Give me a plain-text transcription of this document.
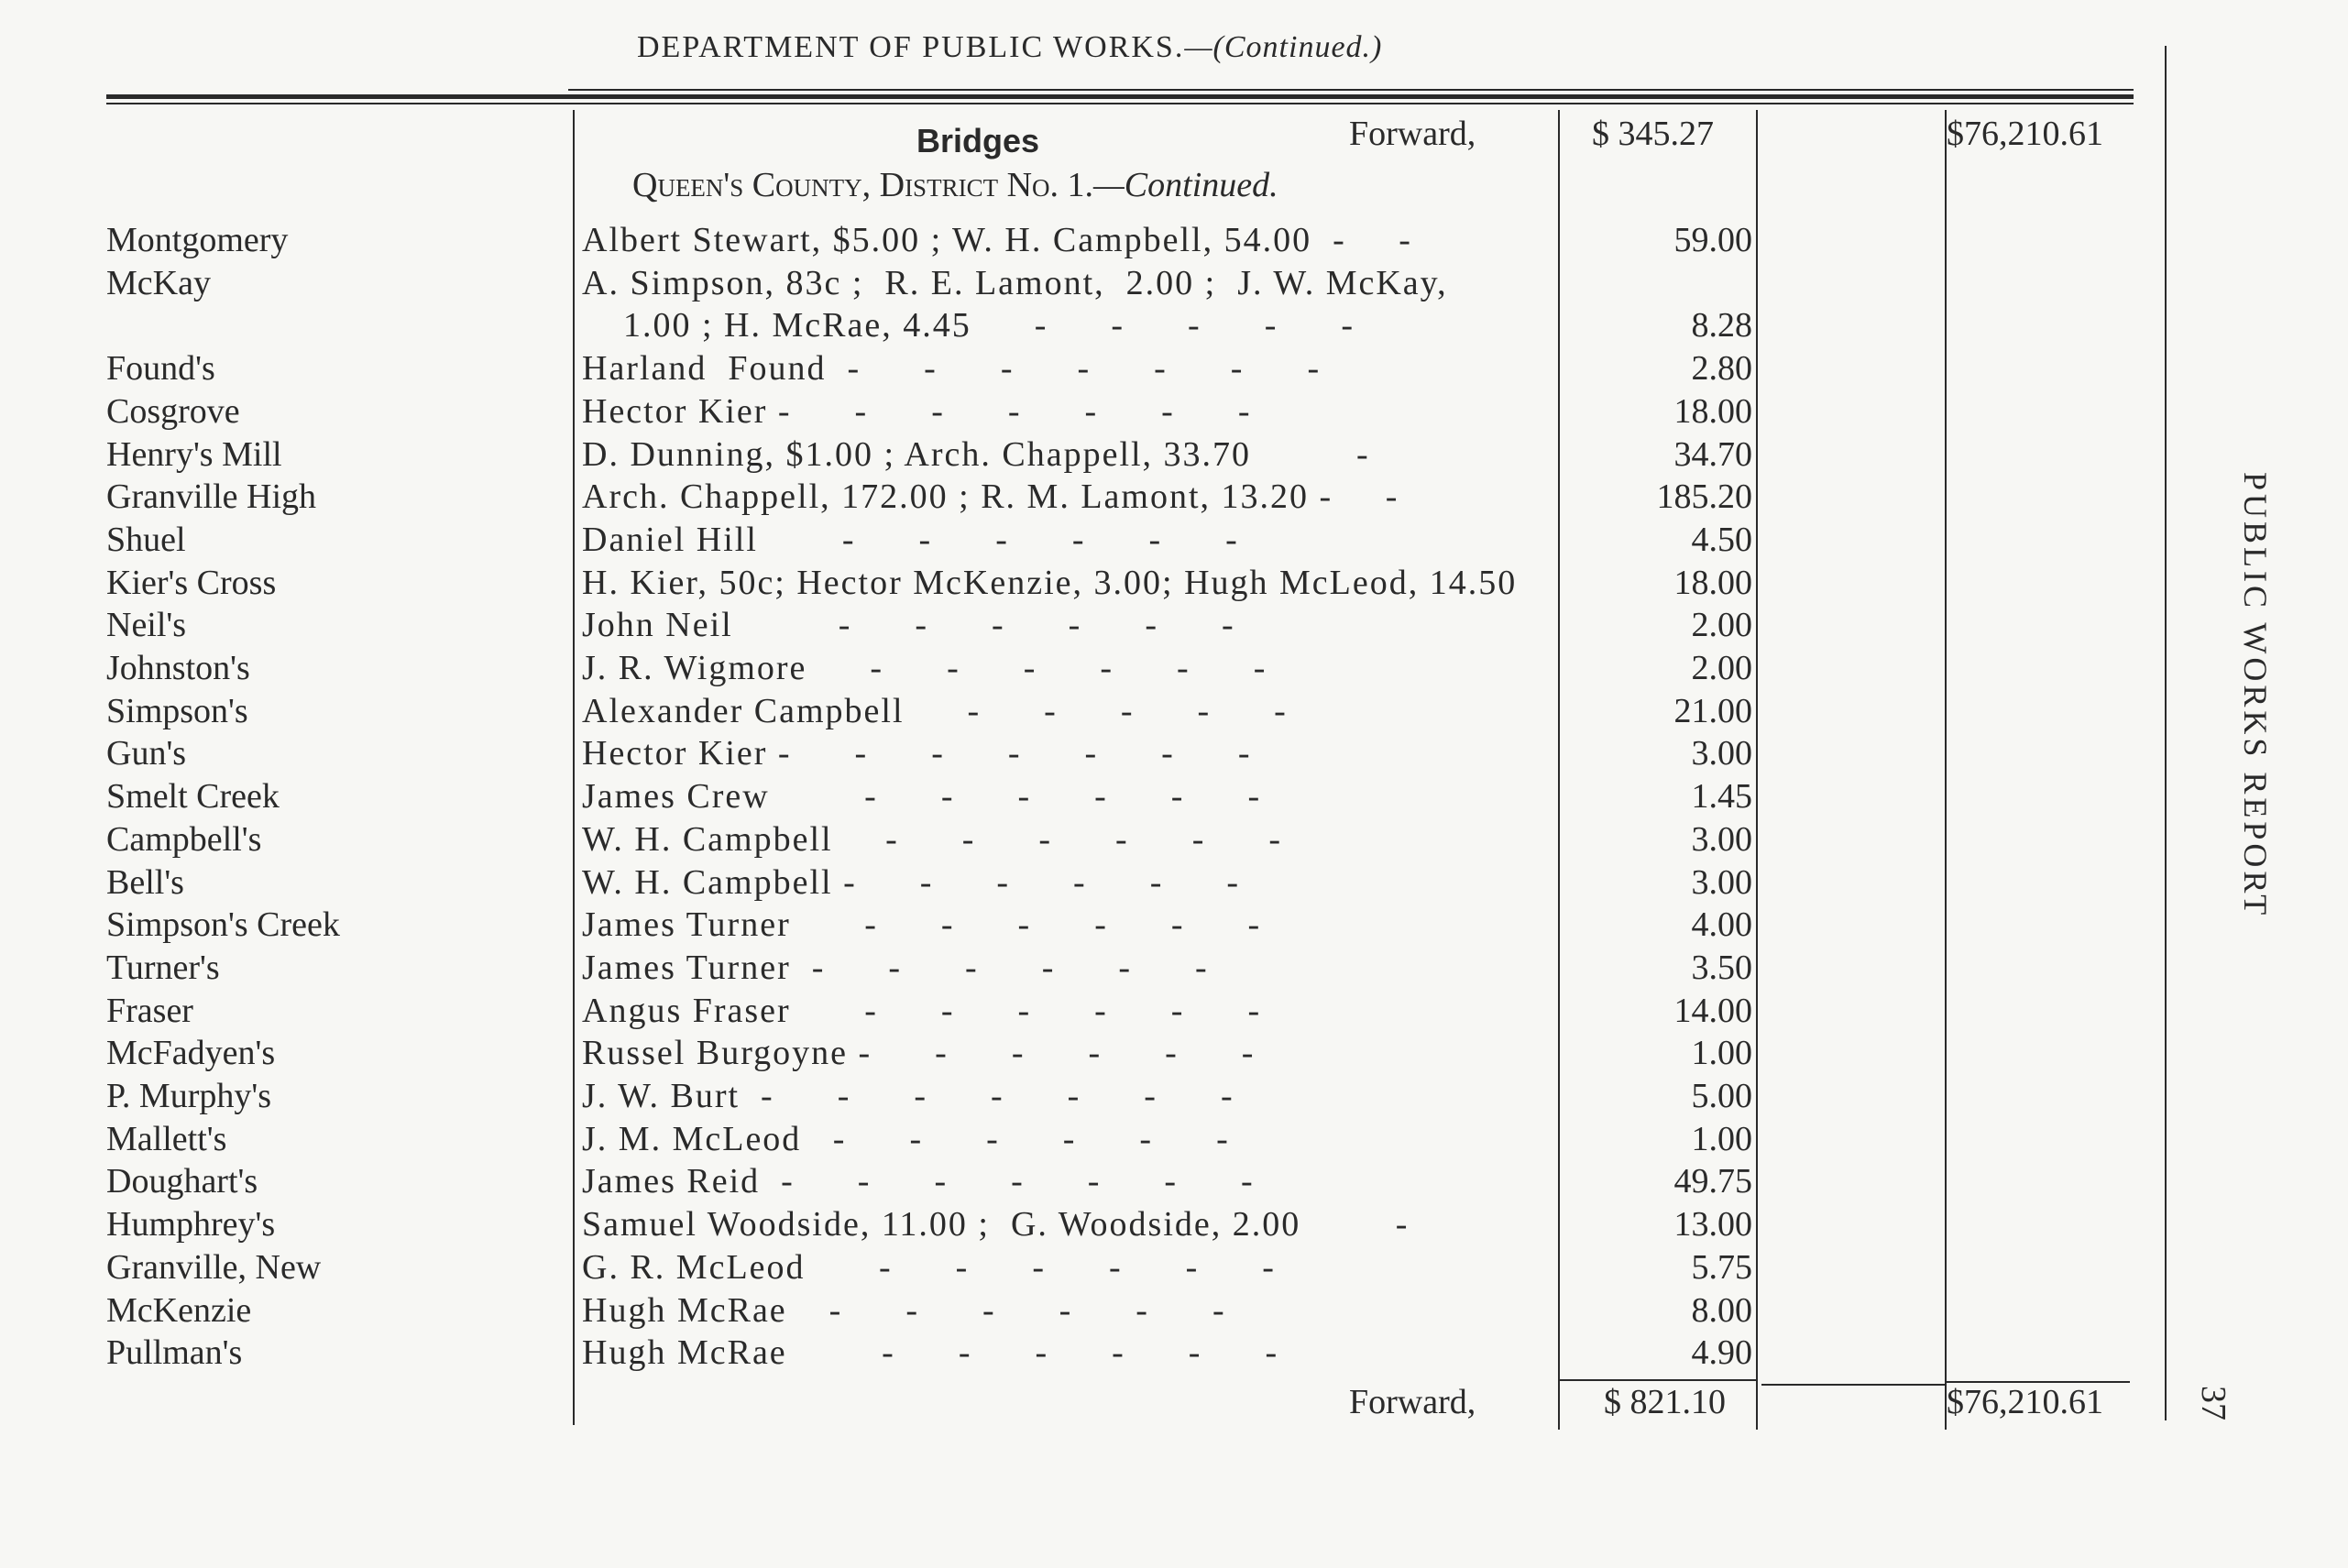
DEPARTMENT OF PUBLIC WORKS.—(Continued.)
Bridges	Forward,	$ 345.27	$76,210.61
Queen's County, District No. 1.—Continued.
Montgomery	Albert Stewart, $5.00 ; W. H. Campbell, 54.00  -     -	59.00
McKay	A. Simpson, 83c ;  R. E. Lamont,  2.00 ;  J. W. McKay,
1.00 ; H. McRae, 4.45      -      -      -      -      -	8.28
Found's	Harland  Found  -      -      -      -      -      -      -	2.80
Cosgrove	Hector Kier -      -      -      -      -      -      -	18.00
Henry's Mill	D. Dunning, $1.00 ; Arch. Chappell, 33.70          -	34.70
Granville High	Arch. Chappell, 172.00 ; R. M. Lamont, 13.20 -     -	185.20
Shuel	Daniel Hill        -      -      -      -      -      -	4.50
Kier's Cross	H. Kier, 50c; Hector McKenzie, 3.00; Hugh McLeod, 14.50	18.00
Neil's	John Neil          -      -      -      -      -      -	2.00
Johnston's	J. R. Wigmore      -      -      -      -      -      -	2.00
Simpson's	Alexander Campbell      -      -      -      -      -	21.00
Gun's	Hector Kier -      -      -      -      -      -      -	3.00
Smelt Creek	James Crew         -      -      -      -      -      -	1.45
Campbell's	W. H. Campbell     -      -      -      -      -      -	3.00
Bell's	W. H. Campbell -      -      -      -      -      -	3.00
Simpson's Creek	James Turner       -      -      -      -      -      -	4.00
Turner's	James Turner  -      -      -      -      -      -	3.50
Fraser	Angus Fraser       -      -      -      -      -      -	14.00
McFadyen's	Russel Burgoyne -      -      -      -      -      -	1.00
P. Murphy's	J. W. Burt  -      -      -      -      -      -      -	5.00
Mallett's	J. M. McLeod   -      -      -      -      -      -	1.00
Doughart's	James Reid  -      -      -      -      -      -      -	49.75
Humphrey's	Samuel Woodside, 11.00 ;  G. Woodside, 2.00         -	13.00
Granville, New	G. R. McLeod       -      -      -      -      -      -	5.75
McKenzie	Hugh McRae    -      -      -      -      -      -	8.00
Pullman's	Hugh McRae         -      -      -      -      -      -	4.90
Forward,	$ 821.10	$76,210.61
PUBLIC WORKS REPORT
37
